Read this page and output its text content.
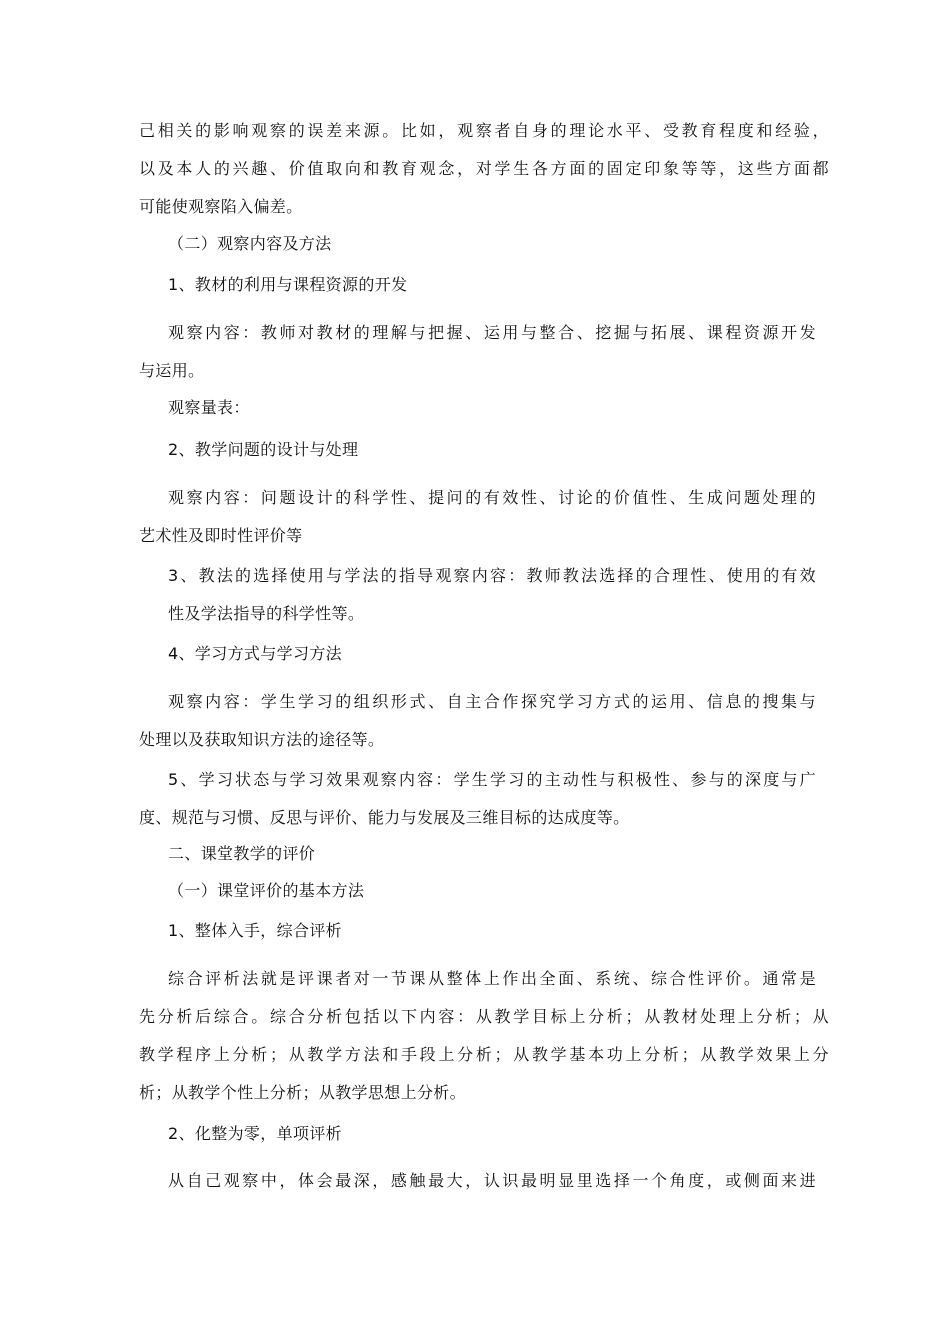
己相关的影响观察的误差来源。比如，观察者自身的理论水平、受教育程度和经验，
以及本人的兴趣、价值取向和教育观念，对学生各方面的固定印象等等，这些方面都
可能使观察陷入偏差。
（二）观察内容及方法
1、教材的利用与课程资源的开发
观察内容：教师对教材的理解与把握、运用与整合、挖掘与拓展、课程资源开发
与运用。
观察量表：
2、教学问题的设计与处理
观察内容：问题设计的科学性、提问的有效性、讨论的价值性、生成问题处理的
艺术性及即时性评价等
3、教法的选择使用与学法的指导观察内容：教师教法选择的合理性、使用的有效
性及学法指导的科学性等。
4、学习方式与学习方法
观察内容：学生学习的组织形式、自主合作探究学习方式的运用、信息的搜集与
处理以及获取知识方法的途径等。
5、学习状态与学习效果观察内容：学生学习的主动性与积极性、参与的深度与广
度、规范与习惯、反思与评价、能力与发展及三维目标的达成度等。
二、课堂教学的评价
（一）课堂评价的基本方法
1、整体入手，综合评析
综合评析法就是评课者对一节课从整体上作出全面、系统、综合性评价。通常是
先分析后综合。综合分析包括以下内容：从教学目标上分析；从教材处理上分析；从
教学程序上分析；从教学方法和手段上分析；从教学基本功上分析；从教学效果上分
析；从教学个性上分析；从教学思想上分析。
2、化整为零，单项评析
从自己观察中，体会最深，感触最大，认识最明显里选择一个角度，或侧面来进
